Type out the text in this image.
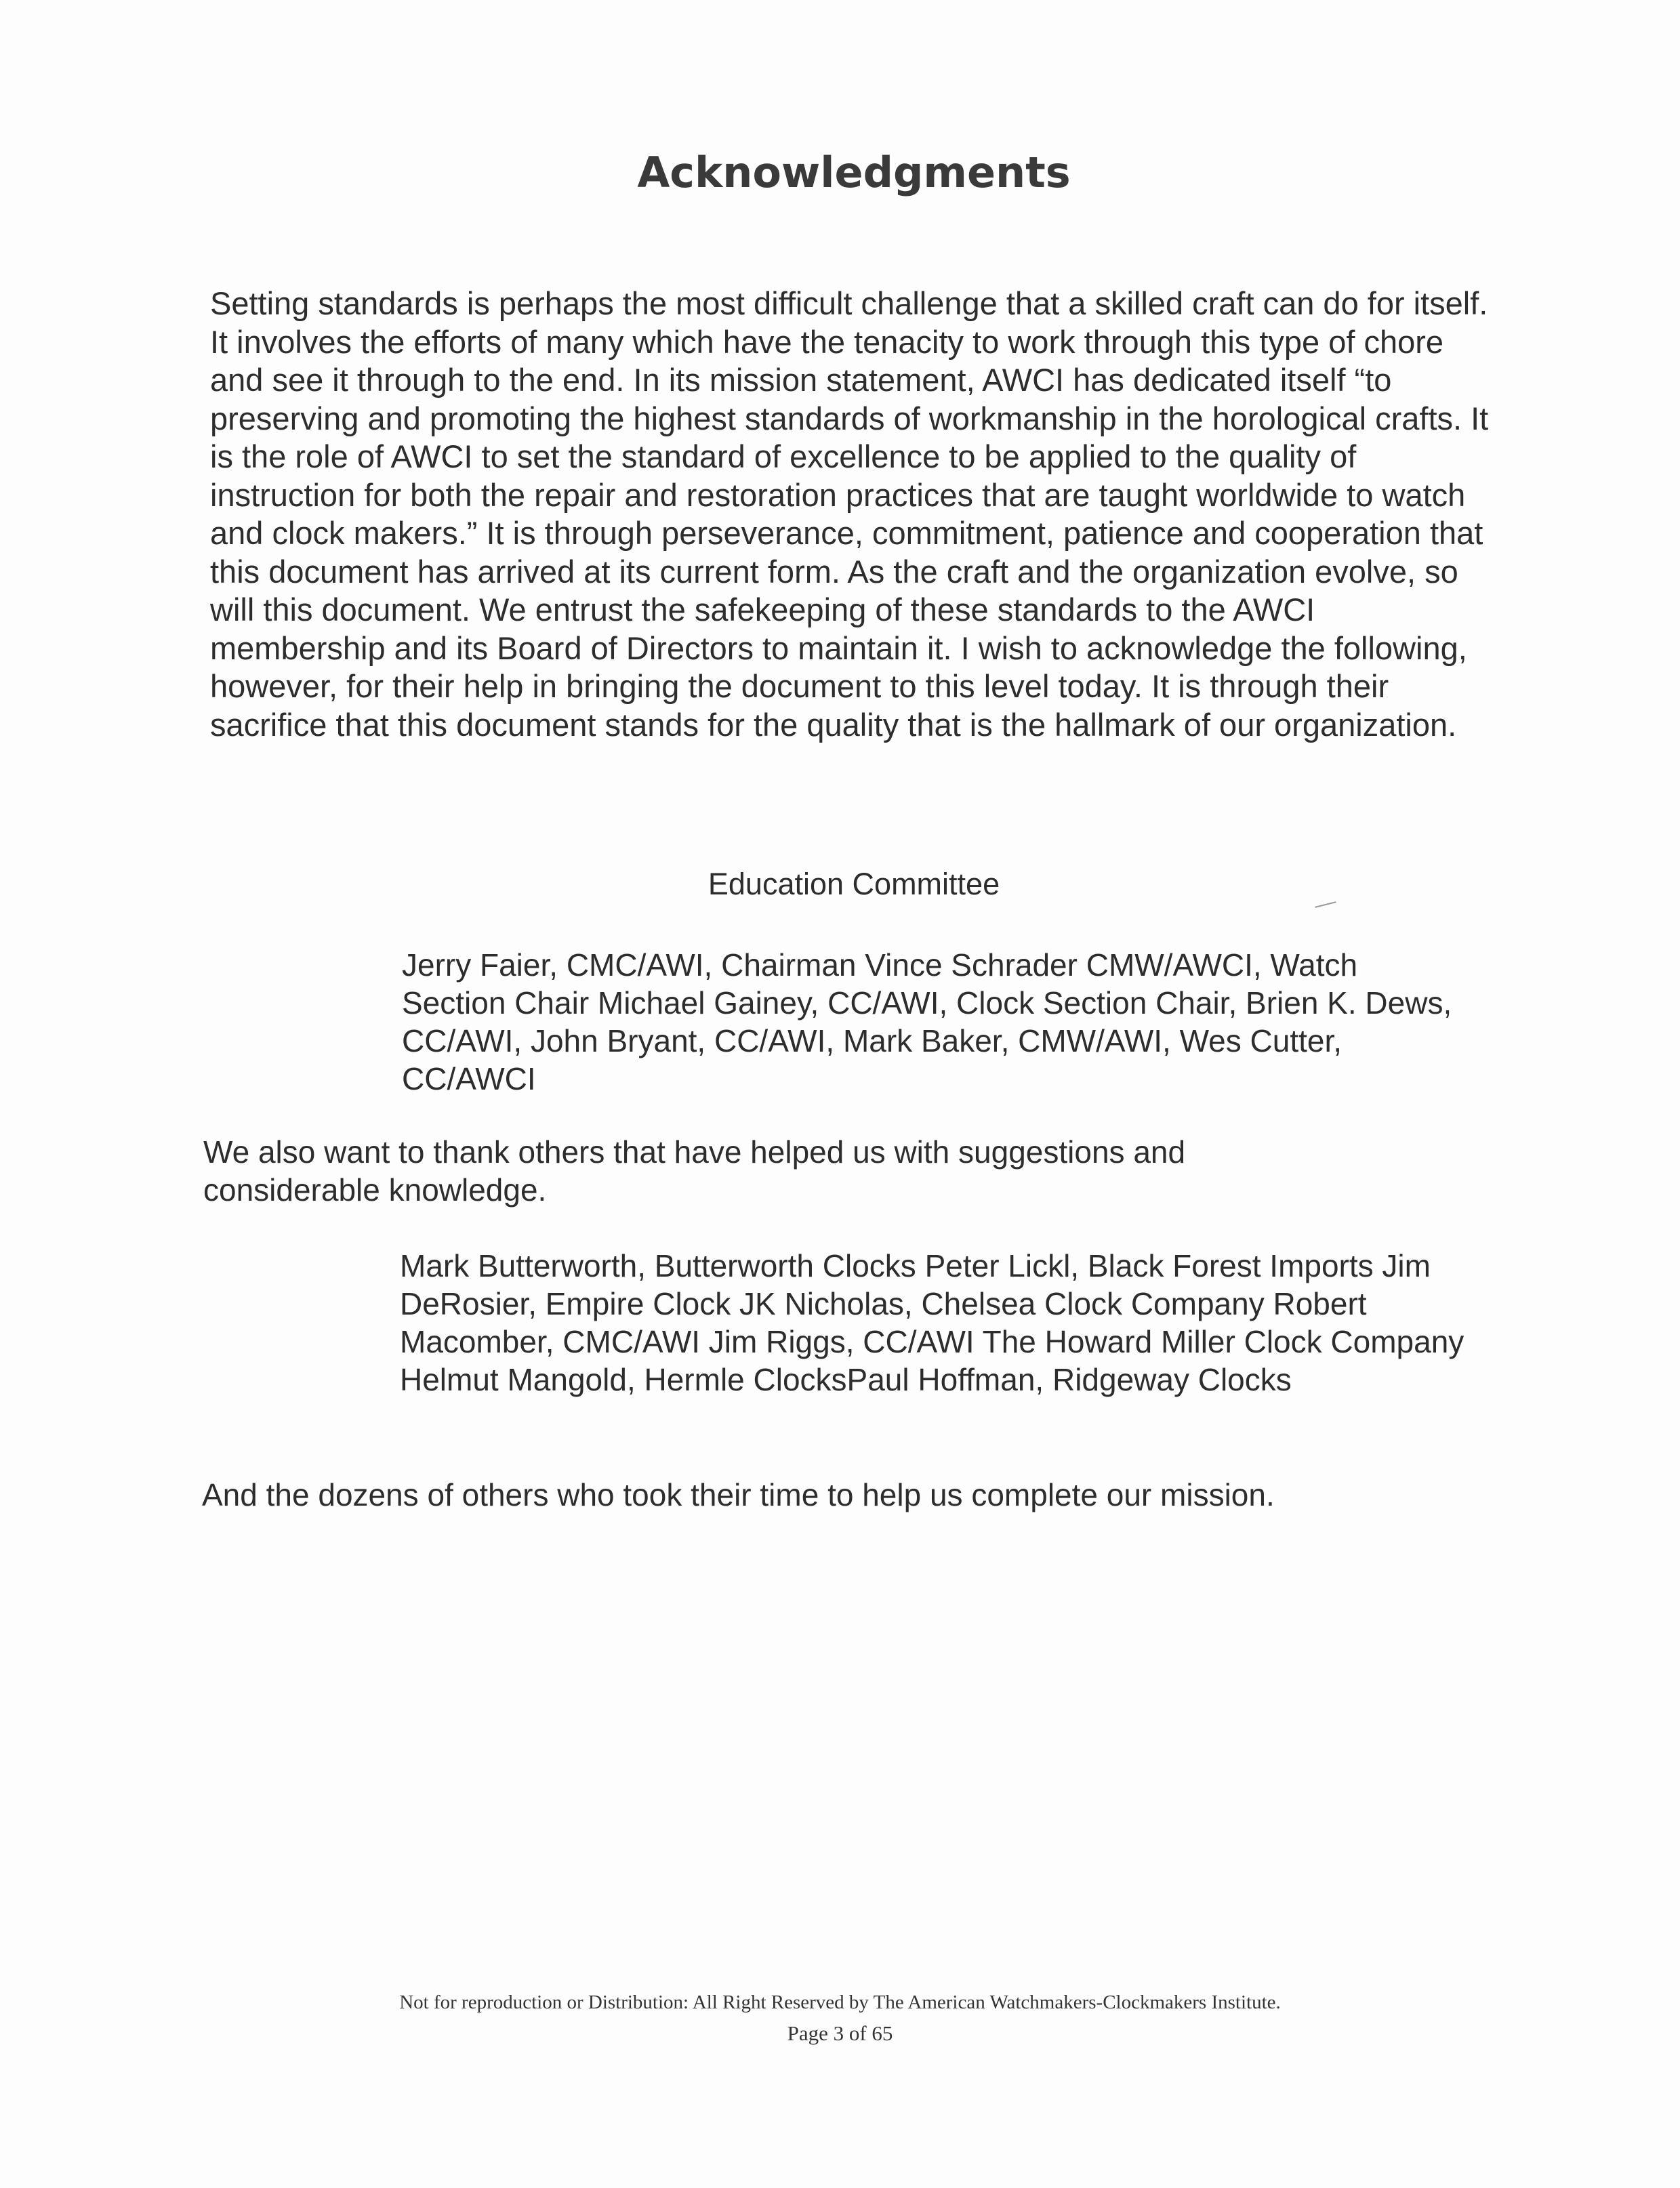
Acknowledgments

Setting standards is perhaps the most difficult challenge that a skilled craft can do for itself. It involves the efforts of many which have the tenacity to work through this type of chore and see it through to the end. In its mission statement, AWCI has dedicated itself “to preserving and promoting the highest standards of workmanship in the horological crafts. It is the role of AWCI to set the standard of excellence to be applied to the quality of instruction for both the repair and restoration practices that are taught worldwide to watch and clock makers.” It is through perseverance, commitment, patience and cooperation that this document has arrived at its current form. As the craft and the organization evolve, so will this document. We entrust the safekeeping of these standards to the AWCI membership and its Board of Directors to maintain it. I wish to acknowledge the following, however, for their help in bringing the document to this level today. It is through their sacrifice that this document stands for the quality that is the hallmark of our organization.

Education Committee

Jerry Faier, CMC/AWI, Chairman Vince Schrader CMW/AWCI, Watch Section Chair Michael Gainey, CC/AWI, Clock Section Chair, Brien K. Dews, CC/AWI, John Bryant, CC/AWI, Mark Baker, CMW/AWI, Wes Cutter, CC/AWCI

We also want to thank others that have helped us with suggestions and considerable knowledge.

Mark Butterworth, Butterworth Clocks Peter Lickl, Black Forest Imports Jim DeRosier, Empire Clock JK Nicholas, Chelsea Clock Company Robert Macomber, CMC/AWI Jim Riggs, CC/AWI The Howard Miller Clock Company Helmut Mangold, Hermle ClocksPaul Hoffman, Ridgeway Clocks

And the dozens of others who took their time to help us complete our mission.

Not for reproduction or Distribution: All Right Reserved by The American Watchmakers-Clockmakers Institute.

Page 3 of 65
